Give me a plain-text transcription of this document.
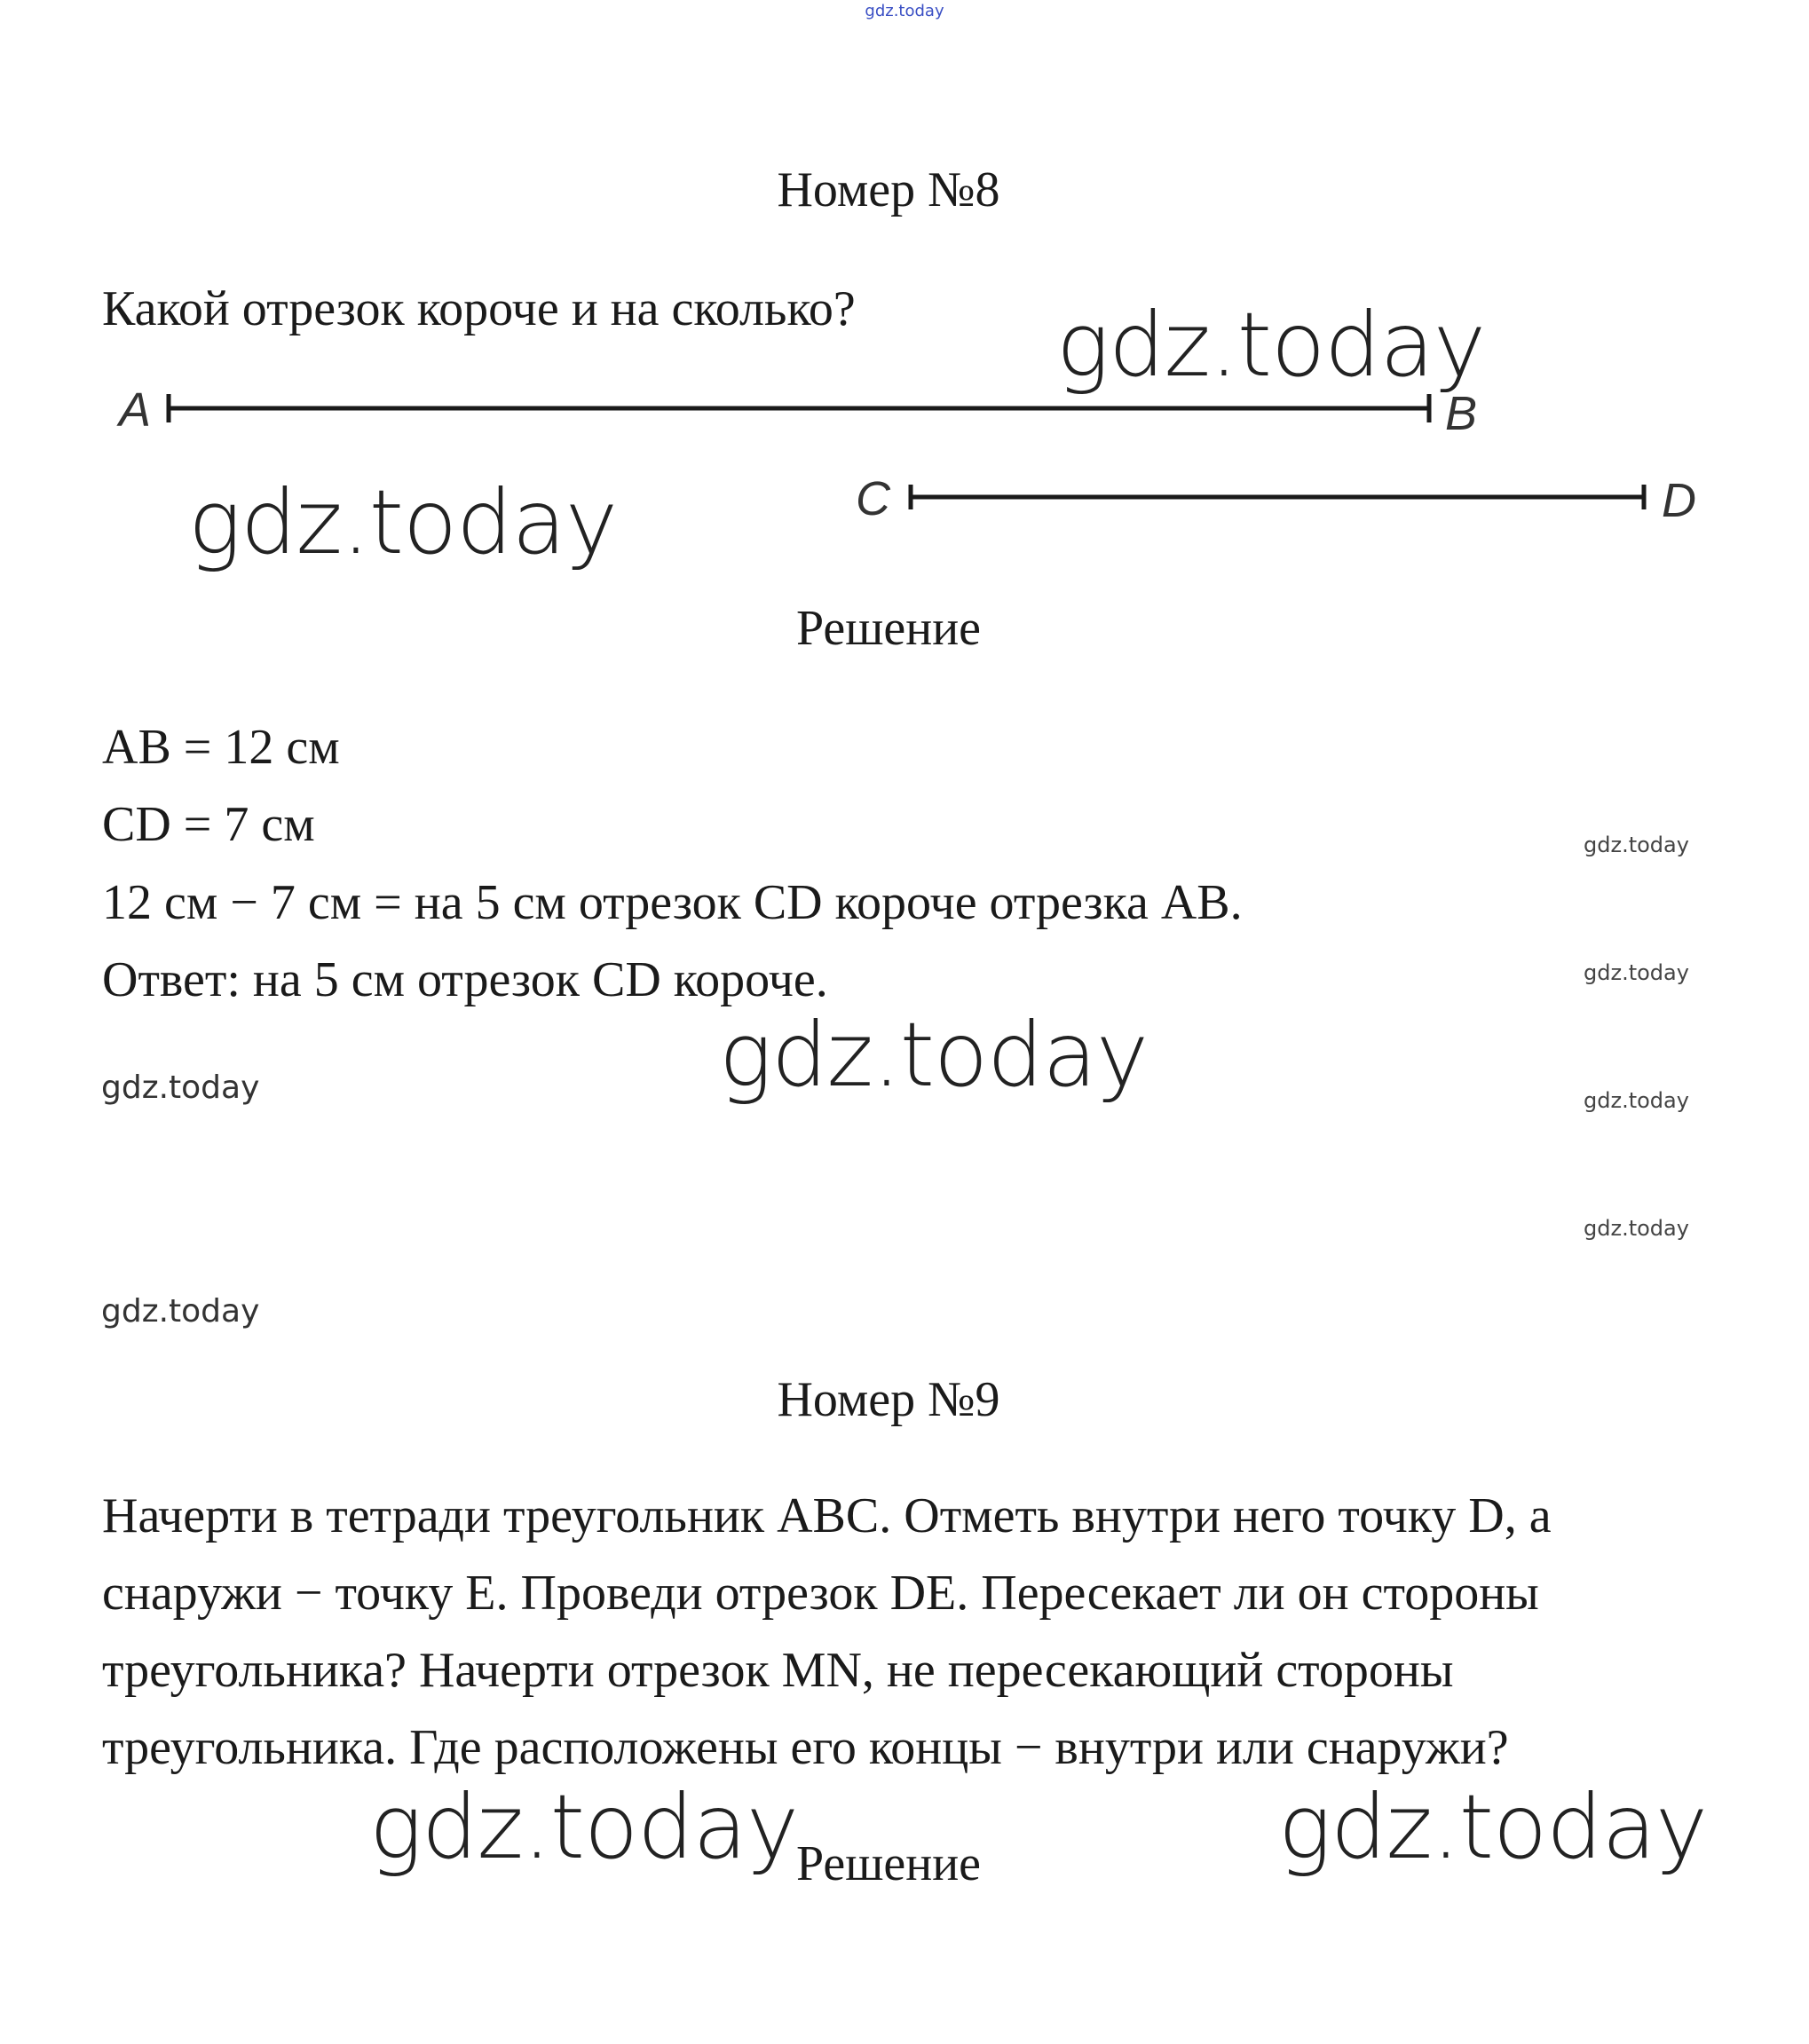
gdz.today
Номер №8
Какой отрезок короче и на сколько?
A	B
C	D
Решение
AB = 12 см
CD = 7 см
12 см − 7 см = на 5 см отрезок CD короче отрезка AB.
Ответ: на 5 см отрезок CD короче.
Номер №9
Начерти в тетради треугольник ABC. Отметь внутри него точку D, а снаружи − точку E. Проведи отрезок DE. Пересекает ли он стороны треугольника? Начерти отрезок MN, не пересекающий стороны треугольника. Где расположены его концы − внутри или снаружи?
Решение
gdz.today
gdz.today
gdz.today
gdz.today	gdz.today
gdz.today
gdz.today
gdz.today
gdz.today
gdz.today
gdz.today
